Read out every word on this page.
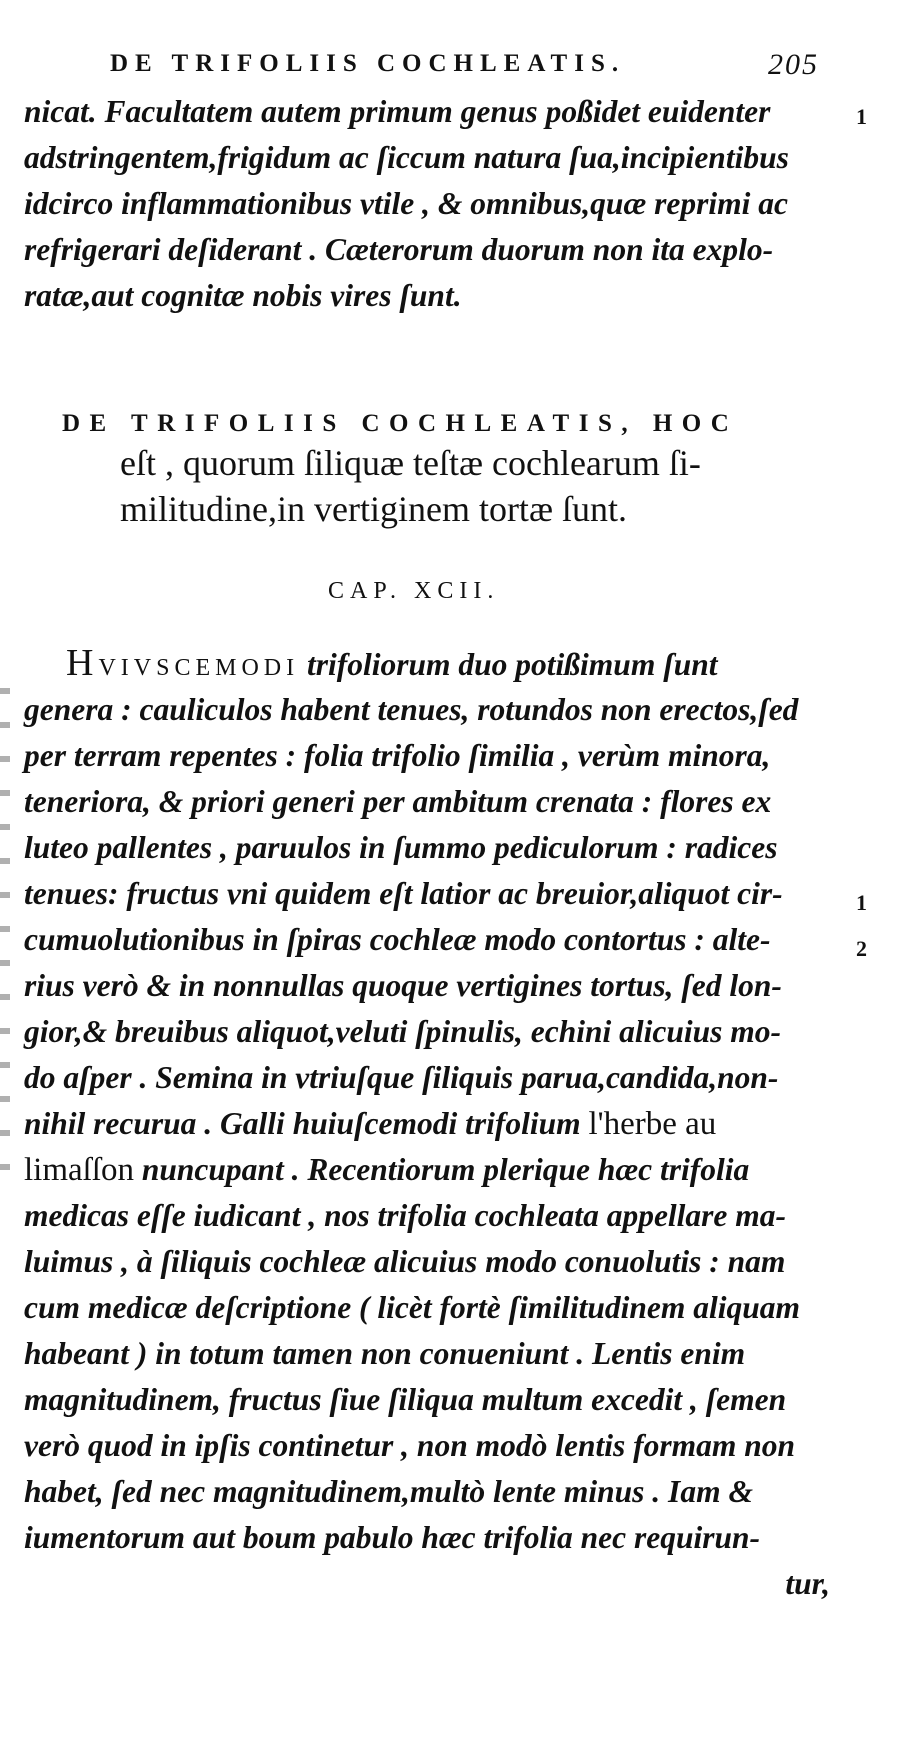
DE TRIFOLIIS COCHLEATIS.	205
nicat. Facultatem autem primum genus poßidet euidenter
adstringentem,frigidum ac ſiccum natura ſua,incipientibus
idcirco inflammationibus vtile , & omnibus,quæ reprimi ac
refrigerari deſiderant . Cæterorum duorum non ita explo-
ratæ,aut cognitæ nobis vires ſunt.
1
DE TRIFOLIIS COCHLEATIS, HOC
eſt , quorum ſiliquæ teſtæ cochlearum ſi-
militudine,in vertiginem tortæ ſunt.
CAP. XCII.
HVIVSCEMODI trifoliorum duo potißimum ſunt
genera : cauliculos habent tenues, rotundos non erectos,ſed
per terram repentes : folia trifolio ſimilia , verùm minora,
teneriora, & priori generi per ambitum crenata : flores ex
luteo pallentes , paruulos in ſummo pediculorum : radices
tenues: fructus vni quidem eſt latior ac breuior,aliquot cir-
cumuolutionibus in ſpiras cochleæ modo contortus : alte-
rius verò & in nonnullas quoque vertigines tortus, ſed lon-
gior,& breuibus aliquot,veluti ſpinulis, echini alicuius mo-
do aſper . Semina in vtriuſque ſiliquis parua,candida,non-
nihil recurua . Galli huiuſcemodi trifolium l'herbe au
limaſſon nuncupant . Recentiorum plerique hæc trifolia
medicas eſſe iudicant , nos trifolia cochleata appellare ma-
luimus , à ſiliquis cochleæ alicuius modo conuolutis : nam
cum medicæ deſcriptione ( licèt fortè ſimilitudinem aliquam
habeant ) in totum tamen non conueniunt . Lentis enim
magnitudinem, fructus ſiue ſiliqua multum excedit , ſemen
verò quod in ipſis continetur , non modò lentis formam non
habet, ſed nec magnitudinem,multò lente minus . Iam &
iumentorum aut boum pabulo hæc trifolia nec requirun-
tur,
1
2
